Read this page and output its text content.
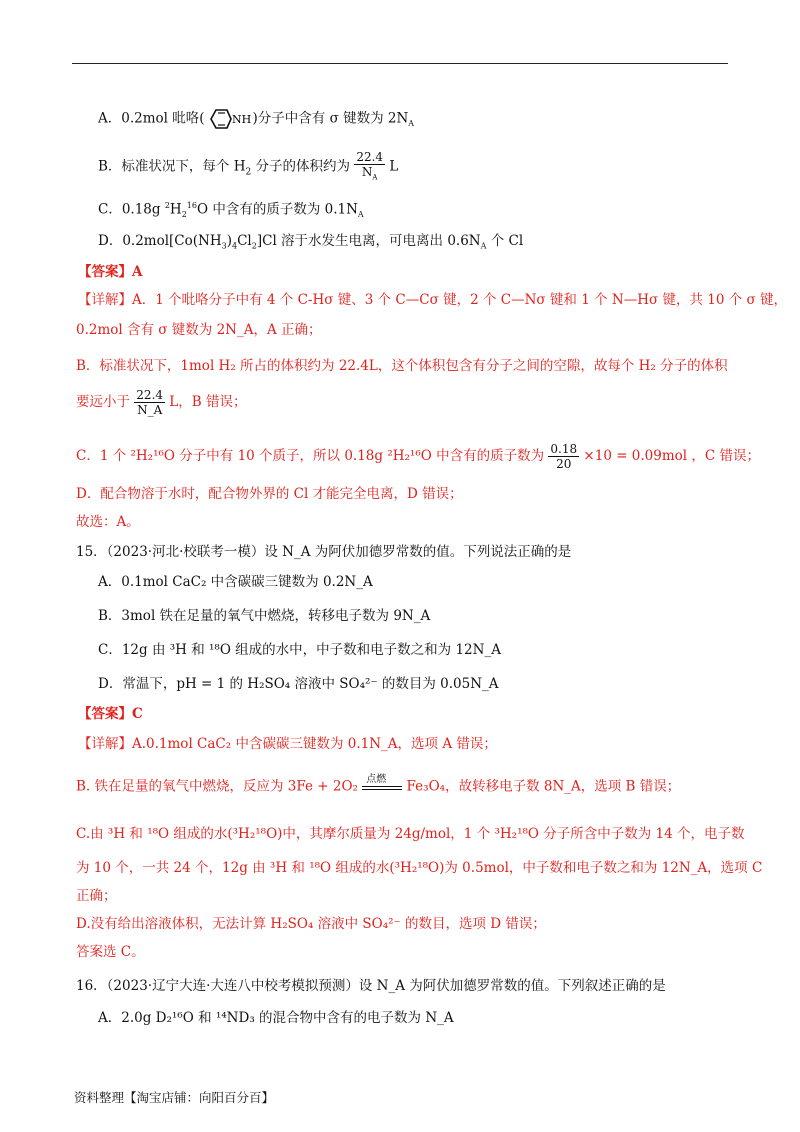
A．0.2mol 吡咯( NH )分子中含有 σ 键数为 $2N_A$
B．标准状况下，每个 $H_2$ 分子的体积约为 $\frac{22.4}{N_A}$ L
C．0.18g $^2H_2^{16}O$ 中含有的质子数为 $0.1N_A$
D．$0.2mol[Co(NH_3)_4Cl_2]Cl$ 溶于水发生电离，可电离出 $0.6N_A$ 个 Cl
【答案】A
【详解】A．1 个吡咯分子中有 4 个 C-Hσ 键、3 个 C—Cσ 键，2 个 C—Nσ 键和 1 个 N—Hσ 键，共 10 个 σ 键，
0.2mol 含有 σ 键数为 2N_A，A 正确；
B．标准状况下，1mol H₂ 所占的体积约为 22.4L，这个体积包含有分子之间的空隙，故每个 H₂ 分子的体积
要远小于 $\frac{22.4}{N\_A}$ L，B 错误；
C．1 个 ²H₂¹⁶O 分子中有 10 个质子，所以 0.18g ²H₂¹⁶O 中含有的质子数为 $\frac{0.18}{20} \times 10 = 0.09mol$ ，C 错误；
D．配合物溶于水时，配合物外界的 Cl 才能完全电离，D 错误；
故选：A。
15．（2023·河北·校联考一模）设 N_A 为阿伏加德罗常数的值。下列说法正确的是
A．0.1mol CaC₂ 中含碳碳三键数为 0.2N_A
B．3mol 铁在足量的氧气中燃烧，转移电子数为 9N_A
C．12g 由 ³H 和 ¹⁸O 组成的水中，中子数和电子数之和为 12N_A
D．常温下，pH = 1 的 H₂SO₄ 溶液中 SO₄²⁻ 的数目为 0.05N_A
【答案】C
【详解】A.0.1mol CaC₂ 中含碳碳三键数为 0.1N_A，选项 A 错误；
B. 铁在足量的氧气中燃烧，反应为 3Fe + 2O₂ 点燃 Fe₃O₄，故转移电子数 8N_A，选项 B 错误；
C.由 ³H 和 ¹⁸O 组成的水(³H₂¹⁸O)中，其摩尔质量为 24g/mol，1 个 ³H₂¹⁸O 分子所含中子数为 14 个，电子数
为 10 个，一共 24 个，12g 由 ³H 和 ¹⁸O 组成的水(³H₂¹⁸O)为 0.5mol，中子数和电子数之和为 12N_A，选项 C
正确；
D.没有给出溶液体积，无法计算 H₂SO₄ 溶液中 SO₄²⁻ 的数目，选项 D 错误；
答案选 C。
16．（2023·辽宁大连·大连八中校考模拟预测）设 N_A 为阿伏加德罗常数的值。下列叙述正确的是
A．2.0g D₂¹⁶O 和 ¹⁴ND₃ 的混合物中含有的电子数为 N_A
资料整理【淘宝店铺：向阳百分百】
